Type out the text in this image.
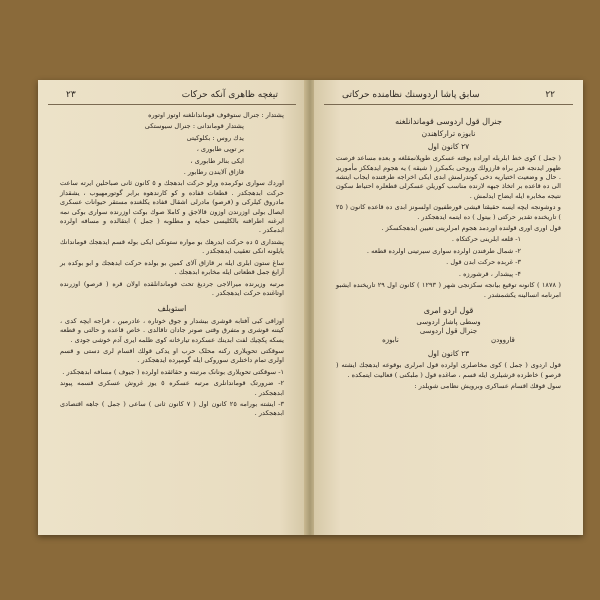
تیغچه ظاهری آنکه حرکات
٢٣

پشتدار : جنرال ستوقوف قوماندانلغنه اوتوز اوتوره

پشتدار قوماندانی : جنرال سیوستکی

يدك روس : بكلوكيتی

بر توپی طابوری ،

ايكی بنالر طابوری ،

قازاق آلايندن رطابور .

اوردك سواری نوكرمده ورلو حركت ابدهجك و ٥ كانون ثانی صباحلين ايرته ساعت حركت ابدهجكدر . قطعات قفاده و كو كارندهوه برابر گوتورمهيوب ، يشقداز مادروق كيلركی و (قرصو) مادرلی اشقال قفاده يكلغنده مستقر حيوانات عسكری ايصال بولی اوزرندن اوزون قالاجق و كاملا صوك بوكت اوزرنده سواری بوكی نمه ايرغنه اطرافنه بالكليسی حمايه و مطلوبه ( جمل ) ابتقالده و مسافه اولرده ابدمكدر .

پشتداری ٥ ده حركت ايدرهك بو مواره ستونكی ايكی بوله قسم ايدهجك قوماندانك يايلونه انكی تعقيب ايدهجكدر .

ساغ ستون ابلری ايله بر قازاق آلای كمين بو بولده حركت ايدهجك و ابو بوكده بر آرايغ جمل قطعاتی ايله مخابره ابدهجك .

مرتبه وزيرنده ميرالاجی جرديغ تحت قوماندانلقده اولان قره ( قرصو) اوزرنده اوتاغنده حركت ايدهجكدر .

استوبلف

اوزاقی كبی آفتابه قوشری بيشدار و جوق خوتاره ، عادرمين ، قراجه ايچه كدی ، كيتنه قوشری و متفرق وقتی صونر جادان تاقالدی . خاص قاعده و حالتی و قطعه يسكه پكچيك لفت ابدينك عسكرده تيارخانه كوی ظلمه ايری آدم خوشی جودی .

سوقكتی تحويلاری ركنه محلک حرب او يدكی قولك اقسام لری دستی و قسم اولری تمام داختلری سوروكی ايله گومپرده ايدهجكدر .

۱- سوقكتی تحويلاری بونانک مرتبته و حقائقده اولرده ( جيوف ) مسافه ابدهجكدر .

۲- ضرورتک قوماندانلری مرتبه عسكره ٥ يوز غروش عسكری قسمه پيوند ابدهجكدر .

۳- ايشته بورامه ٢٥ كانون اول ( ٧ كانون ثانی ) ساعی ( جمل ) جاهه اقتصادی ابدهجكدر .

٢٢
سابق پاشا اردوسنك نظامنده حركاتی
جنرال قول اردوسی قوماندانلغنه
نابوزه تراركاهندن
٢٧ كانون اول

( جمل ) كوی خط ابلریله اوراده بوقته عسكری طوپلانمقلغه و بعده مساعد فرصت ظهور ايدنجه قدر براه قارزولك وروحی بكمكرز ( شيقه ) يه هجوم ايدهككز مأموريز . حال و وضعيت اختياريه دخی كوندرلمش ابدی ايكی اخراجه طرفتنده ايجاب ايتشه الی ده قاعده بر اتخاذ جبهه لارنده مناسب كوریلن عسكرلی قطعلره احتياط سكون نتيجه مخابره ايله ايضاح ايدلمش .

و دوشونجه ايچه ايسه حقيقتا قيشی قورطفيون اولسونز ابدی ده قاعده كانون ( ٢٥ ) تاریخنده تقدیر حركتی ( بيتول ) ده ايتمه ايدهجكدر .

قول اوری اوری قولنده اوردمد هجوم امرلرينی تعيين ايدهجكسكز .

۱- قلعه ابلرينی حركتكاه .

۲- شمال طرفندن اولرده سواری سيرتينی اولرده قطعه .

۳- غربده حركت ابدن قول .

۴- پيشدار ، قرشورزه .

( ١٨٧٨ ) كانونه توقيع بيانجه سكزنجی شهر ( ١٢٩٣ ) كانون اول ٢٩ تاریخنده ايشبو امرنامه انسالينه يكشمشدر .

قول اردو امری
وسطی پاشار اردوسی
جنرال قول اردوسی
قاروودن
نابوزه
٢٣ كانون اول

قول اردوی ( جمل ) كوی مخاصلری اولرده قول امرلری بوقوعه ايدهجك ايشته ( قرصو ) خاطرده قرشيلری ايله قسم ، صاغده قول ( ملبكنی ) فعاليت ايتمكده .

سول قوقك اقسام عساكری وبرويش نظامی شويلدر :
